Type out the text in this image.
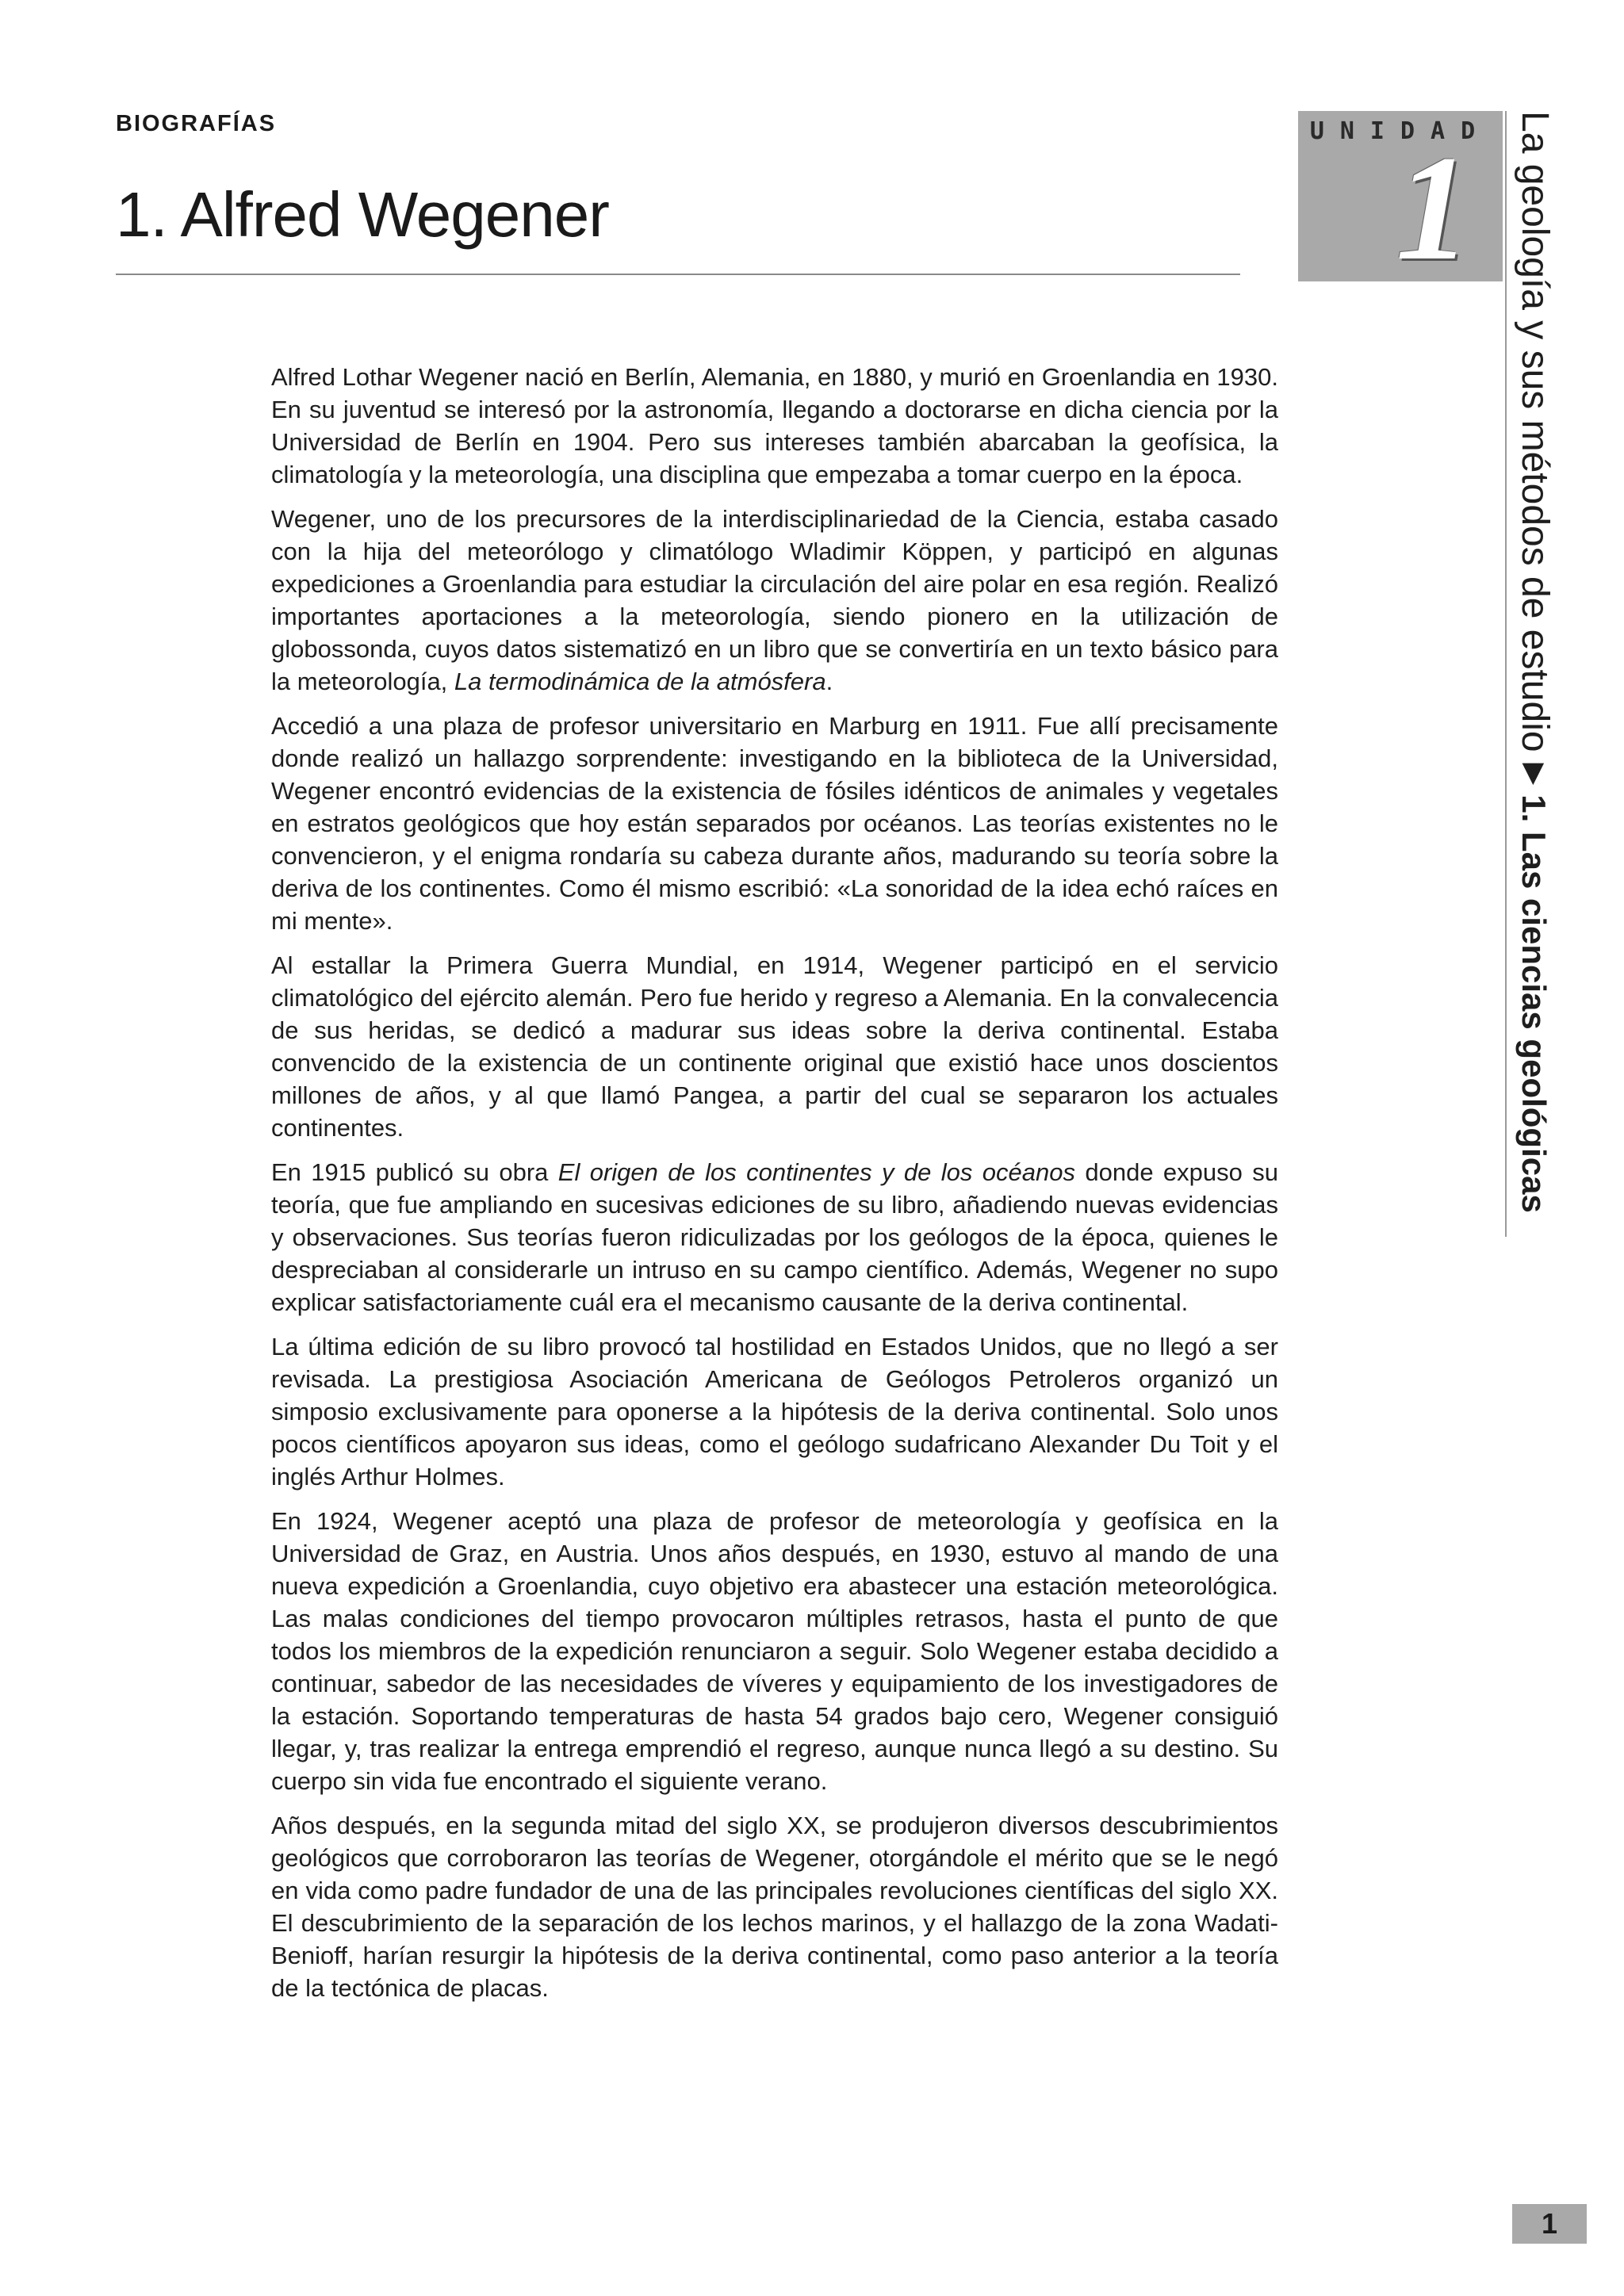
BIOGRAFÍAS
1. Alfred Wegener
UNIDAD
1 La geología y sus métodos de estudio▶1. Las ciencias geológicas

Alfred Lothar Wegener nació en Berlín, Alemania, en 1880, y murió en Groenlandia en 1930. En su juventud se interesó por la astronomía, llegando a doctorarse en dicha ciencia por la Universidad de Berlín en 1904. Pero sus intereses también abarcaban la geofísica, la climatología y la meteorología, una disciplina que empezaba a tomar cuerpo en la época.

Wegener, uno de los precursores de la interdisciplinariedad de la Ciencia, estaba casado con la hija del meteorólogo y climatólogo Wladimir Köppen, y participó en algunas expediciones a Groenlandia para estudiar la circulación del aire polar en esa región. Realizó importantes aportaciones a la meteorología, siendo pionero en la utilización de globossonda, cuyos datos sistematizó en un libro que se convertiría en un texto básico para la meteorología, La termodinámica de la atmósfera.

Accedió a una plaza de profesor universitario en Marburg en 1911. Fue allí precisamente donde realizó un hallazgo sorprendente: investigando en la biblioteca de la Universidad, Wegener encontró evidencias de la existencia de fósiles idénticos de animales y vegetales en estratos geológicos que hoy están separados por océanos. Las teorías existentes no le convencieron, y el enigma rondaría su cabeza durante años, madurando su teoría sobre la deriva de los continentes. Como él mismo escribió: «La sonoridad de la idea echó raíces en mi mente».

Al estallar la Primera Guerra Mundial, en 1914, Wegener participó en el servicio climatológico del ejército alemán. Pero fue herido y regreso a Alemania. En la convalecencia de sus heridas, se dedicó a madurar sus ideas sobre la deriva continental. Estaba convencido de la existencia de un continente original que existió hace unos doscientos millones de años, y al que llamó Pangea, a partir del cual se separaron los actuales continentes.

En 1915 publicó su obra El origen de los continentes y de los océanos donde expuso su teoría, que fue ampliando en sucesivas ediciones de su libro, añadiendo nuevas evidencias y observaciones. Sus teorías fueron ridiculizadas por los geólogos de la época, quienes le despreciaban al considerarle un intruso en su campo científico. Además, Wegener no supo explicar satisfactoriamente cuál era el mecanismo causante de la deriva continental.

La última edición de su libro provocó tal hostilidad en Estados Unidos, que no llegó a ser revisada. La prestigiosa Asociación Americana de Geólogos Petroleros organizó un simposio exclusivamente para oponerse a la hipótesis de la deriva continental. Solo unos pocos científicos apoyaron sus ideas, como el geólogo sudafricano Alexander Du Toit y el inglés Arthur Holmes.

En 1924, Wegener aceptó una plaza de profesor de meteorología y geofísica en la Universidad de Graz, en Austria. Unos años después, en 1930, estuvo al mando de una nueva expedición a Groenlandia, cuyo objetivo era abastecer una estación meteorológica. Las malas condiciones del tiempo provocaron múltiples retrasos, hasta el punto de que todos los miembros de la expedición renunciaron a seguir. Solo Wegener estaba decidido a continuar, sabedor de las necesidades de víveres y equipamiento de los investigadores de la estación. Soportando temperaturas de hasta 54 grados bajo cero, Wegener consiguió llegar, y, tras realizar la entrega emprendió el regreso, aunque nunca llegó a su destino. Su cuerpo sin vida fue encontrado el siguiente verano.

Años después, en la segunda mitad del siglo XX, se produjeron diversos descubrimientos geológicos que corroboraron las teorías de Wegener, otorgándole el mérito que se le negó en vida como padre fundador de una de las principales revoluciones científicas del siglo XX. El descubrimiento de la separación de los lechos marinos, y el hallazgo de la zona Wadati-Benioff, harían resurgir la hipótesis de la deriva continental, como paso anterior a la teoría de la tectónica de placas.

1
